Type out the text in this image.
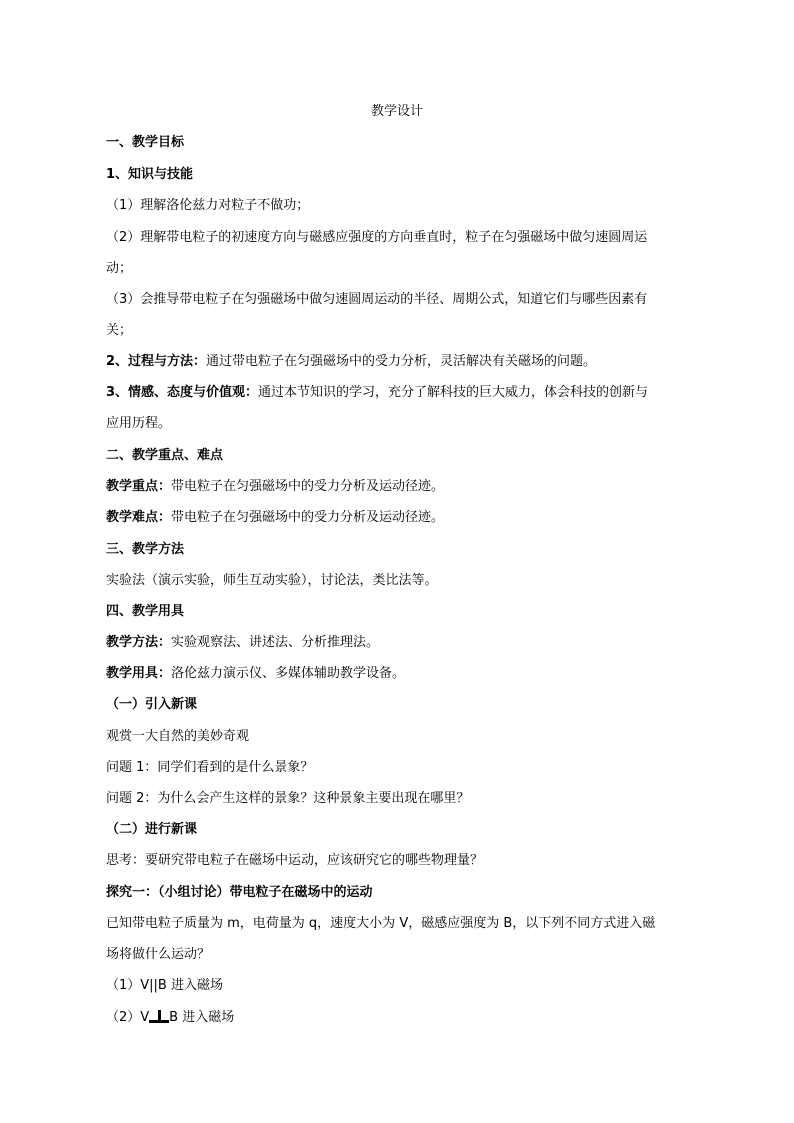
教学设计
一、教学目标
1、知识与技能
（1）理解洛伦兹力对粒子不做功；
（2）理解带电粒子的初速度方向与磁感应强度的方向垂直时，粒子在匀强磁场中做匀速圆周运
动；
（3）会推导带电粒子在匀强磁场中做匀速圆周运动的半径、周期公式，知道它们与哪些因素有
关；
2、过程与方法：通过带电粒子在匀强磁场中的受力分析，灵活解决有关磁场的问题。
3、情感、态度与价值观：通过本节知识的学习，充分了解科技的巨大威力，体会科技的创新与
应用历程。
二、教学重点、难点
教学重点：带电粒子在匀强磁场中的受力分析及运动径迹。
教学难点：带电粒子在匀强磁场中的受力分析及运动径迹。
三、教学方法
实验法（演示实验，师生互动实验），讨论法，类比法等。
四、教学用具
教学方法：实验观察法、讲述法、分析推理法。
教学用具：洛伦兹力演示仪、多媒体辅助教学设备。
（一）引入新课
观赏一大自然的美妙奇观
问题 1：同学们看到的是什么景象？
问题 2：为什么会产生这样的景象？这种景象主要出现在哪里？
（二）进行新课
思考：要研究带电粒子在磁场中运动，应该研究它的哪些物理量？
探究一：（小组讨论）带电粒子在磁场中的运动
已知带电粒子质量为 m，电荷量为 q，速度大小为 V，磁感应强度为 B，以下列不同方式进入磁
场将做什么运动？
（1）V||B 进入磁场
（2）V B 进入磁场
